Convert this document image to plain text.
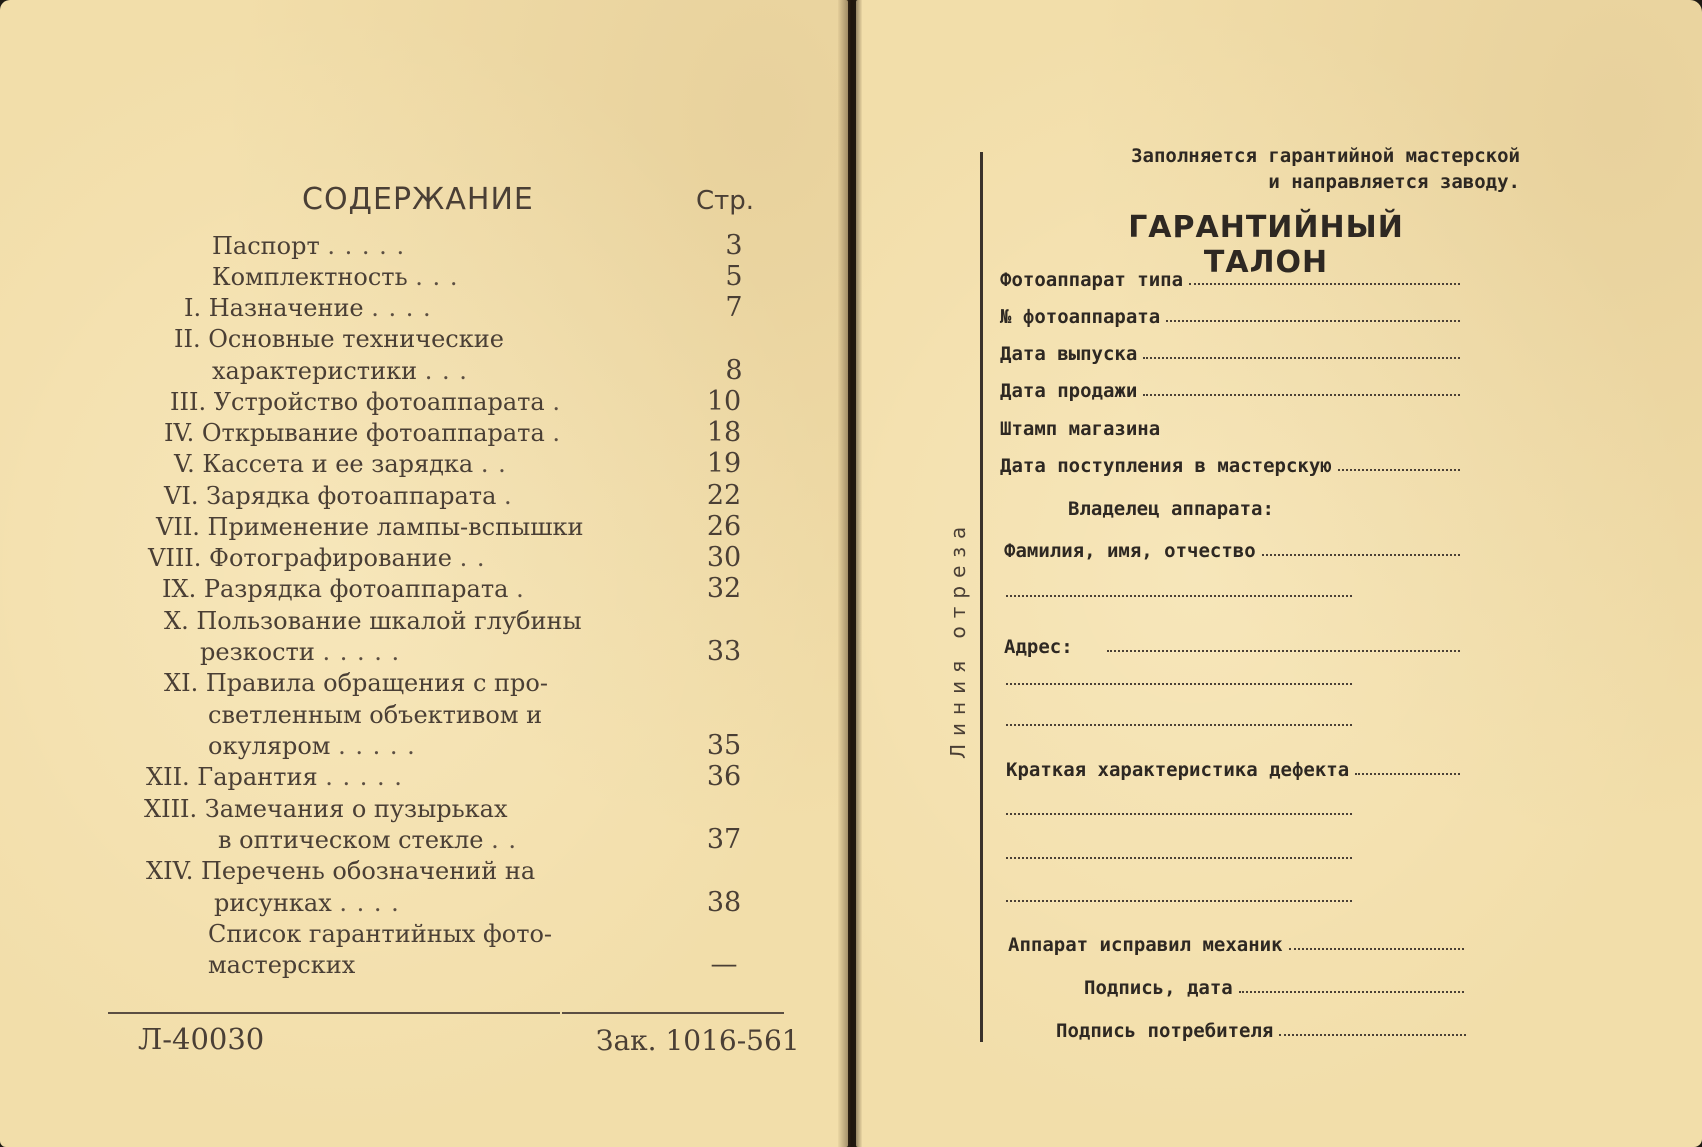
СОДЕРЖАНИЕ	Стр.
Паспорт . . . . .	3
Комплектность . . .	5
I. Назначение . . . .	7
II. Основные технические
характеристики . . .	8
III. Устройство фотоаппарата .	10
IV. Открывание фотоаппарата .	18
V. Кассета и ее зарядка . .	19
VI. Зарядка фотоаппарата .	22
VII. Применение лампы-вспышки	26
VIII. Фотографирование . .	30
IX. Разрядка фотоаппарата .	32
X. Пользование шкалой глубины
резкости . . . . .	33
XI. Правила обращения с про-
светленным объективом и
окуляром . . . . .	35
XII. Гарантия . . . . .	36
XIII. Замечания о пузырьках
в оптическом стекле . .	37
XIV. Перечень обозначений на
рисунках . . . .	38
Список гарантийных фото-
мастерских	—
Л-40030	Зак. 1016-561
Линия отреза
Заполняется гарантийной мастерской
и направляется заводу.
ГАРАНТИЙНЫЙ ТАЛОН
Фотоаппарат типа
№ фотоаппарата
Дата выпуска
Дата продажи
Штамп магазина
Дата поступления в мастерскую
Владелец аппарата:
Фамилия, имя, отчество
Адрес:
Краткая характеристика дефекта
Аппарат исправил механик
Подпись, дата
Подпись потребителя
